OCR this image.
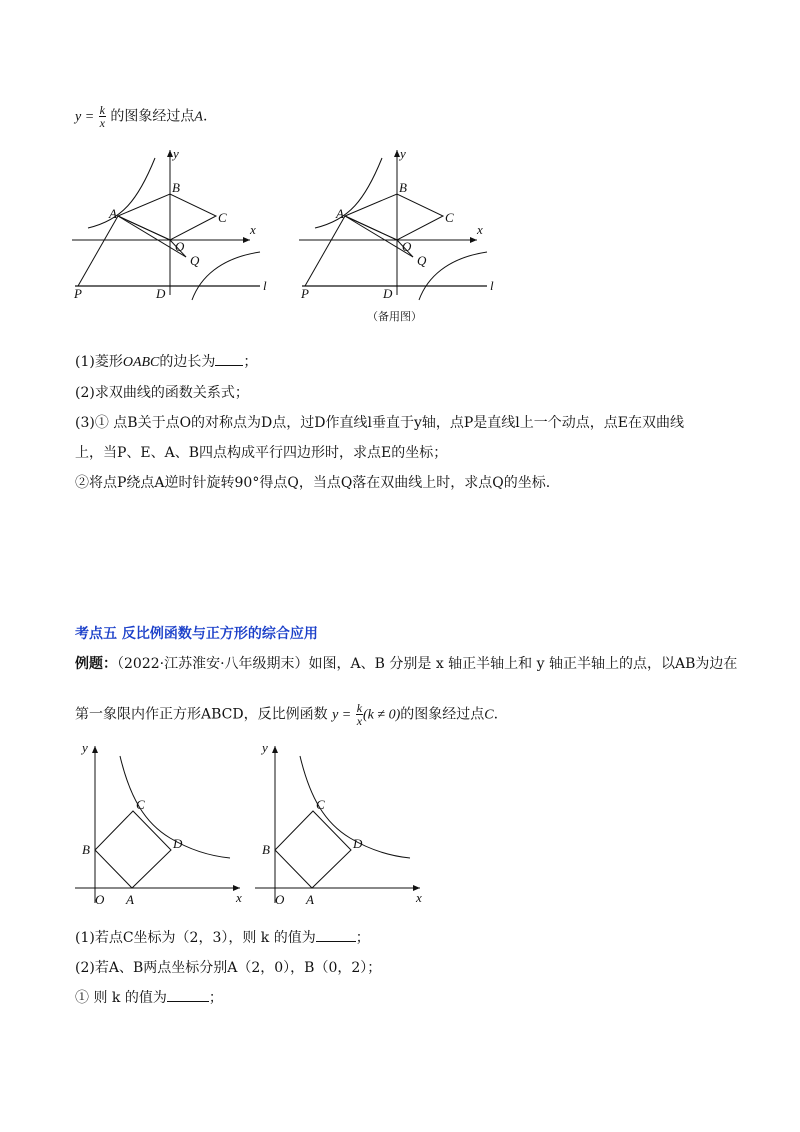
$y = \frac{k}{x}$ 的图象经过点A.
y
x
A
B
C
O
Q
P	D
l
y
x
A
B
C
O
Q
P	D
l
（备用图）
(1)菱形OABC的边长为 ；
(2)求双曲线的函数关系式；
(3)① 点B关于点O的对称点为D点，过D作直线l垂直于y轴，点P是直线l上一个动点，点E在双曲线
上，当P、E、A、B四点构成平行四边形时，求点E的坐标；
②将点P绕点A逆时针旋转90°得点Q，当点Q落在双曲线上时，求点Q的坐标.
考点五 反比例函数与正方形的综合应用
例题：（2022·江苏淮安·八年级期末）如图，A、B 分别是 x 轴正半轴上和 y 轴正半轴上的点，以AB为边在
第一象限内作正方形ABCD，反比例函数 $y = \frac{k}{x} (k \ne 0)$的图象经过点C.
y
x
O A
B
C
D
y
x
O A
B
C
D
(1)若点C坐标为（2，3），则 k 的值为	；
(2)若A、B两点坐标分别A（2，0），B（0，2）；
① 则 k 的值为	；
